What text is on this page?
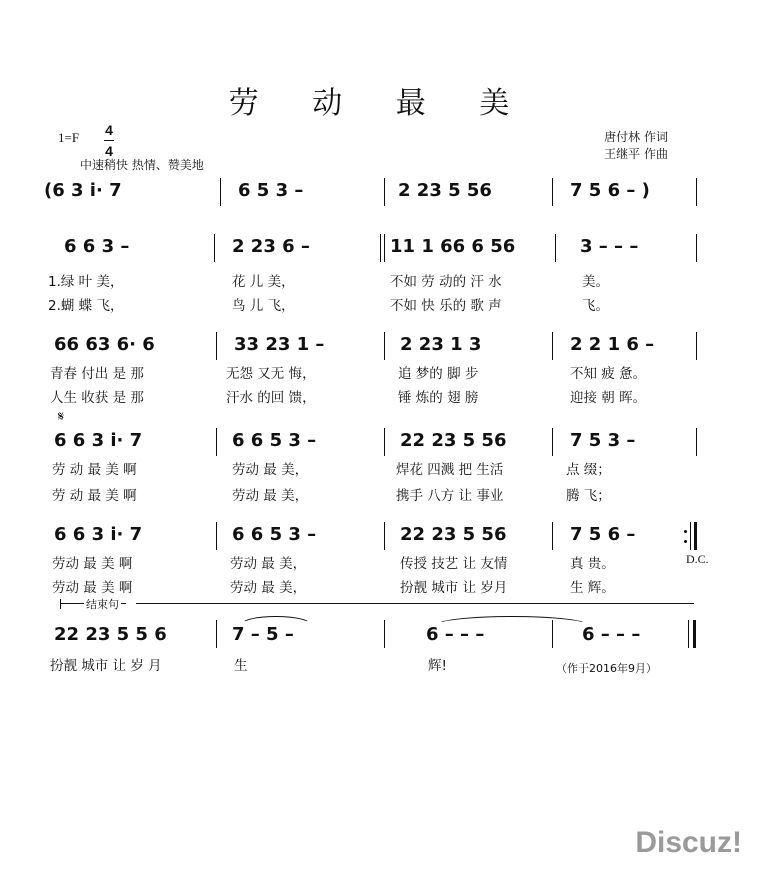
劳 动 最 美
1=F 4
4
中速稍快 热情、赞美地
唐付林 作词
王继平 作曲
(6 3 i· 7	6 5 3 –	2 23 5 56	7 5 6 – )
6 6 3 –	2 23 6 –	11 1 66 6 56	3 – – –
1.绿 叶 美，	花 儿 美，	不如 劳 动的 汗 水	美。
2.蝴 蝶 飞，	鸟 儿 飞，	不如 快 乐的 歌 声	飞。
66 63 6· 6	33 23 1 –	2 23 1 3	2 2 1 6 –
青春 付出 是 那	无怨 又无 悔，	追 梦的 脚 步	不知 疲 惫。
人生 收获 是 那	汗水 的回 馈，	锤 炼的 翅 膀	迎接 朝 晖。
𝄋
6 6 3 i· 7	6 6 5 3 –	22 23 5 56	7 5 3 –
劳 动 最 美 啊	劳动 最 美，	焊花 四溅 把 生活	点 缀；
劳 动 最 美 啊	劳动 最 美，	携手 八方 让 事业	腾 飞；
6 6 3 i· 7	6 6 5 3 –	22 23 5 56	7 5 6 –
劳动 最 美 啊	劳动 最 美，	传授 技艺 让 友情	真 贵。	D.C.
劳动 最 美 啊	劳动 最 美，	扮靓 城市 让 岁月	生 辉。
结束句
22 23 5 5 6	7 – 5 –	6 – – –	6 – – –
扮靓 城市 让 岁 月	生	辉!	（作于2016年9月）
Discuz!
